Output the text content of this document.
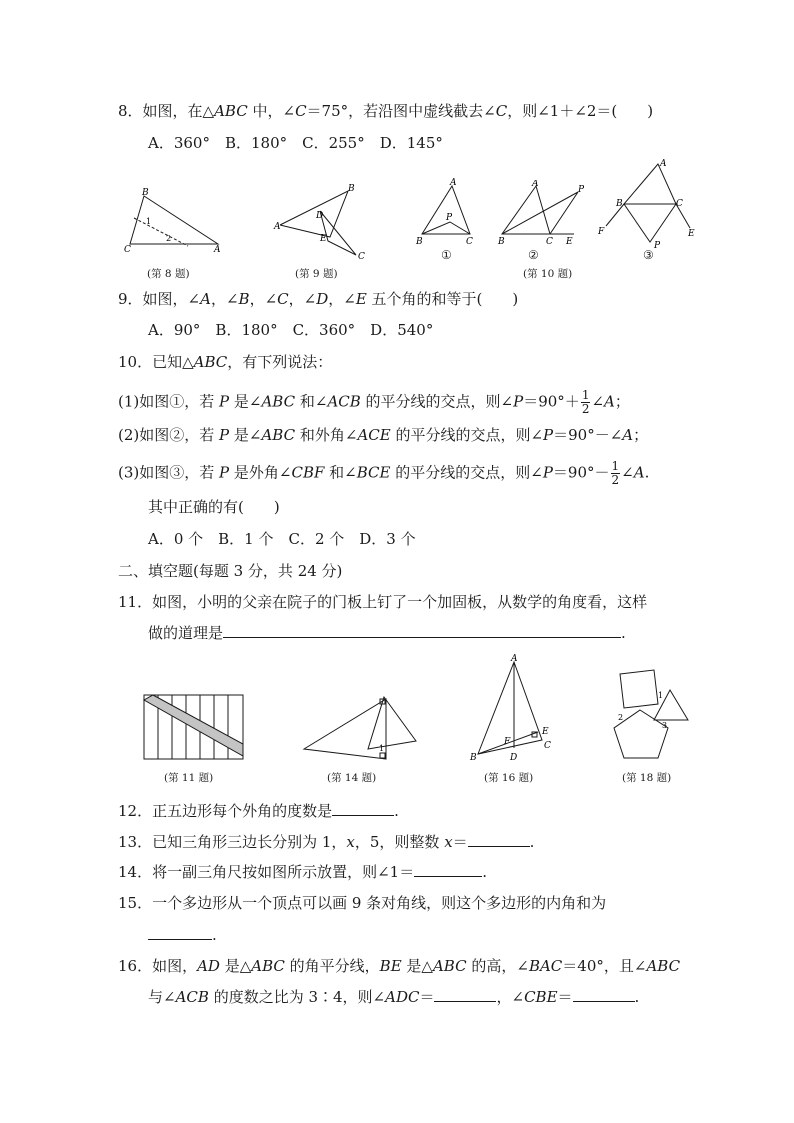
8．如图，在△ABC 中，∠C＝75°，若沿图中虚线截去∠C，则∠1＋∠2＝(　　)
A．360°　B．180°　C．255°　D．145°
B
C	A
1
2
(第 8 题)
A
B
C
D
E
(第 9 题)
A
P
B	C
①
A
P
B	C E
②
(第 10 题)
A
B	C
F	E
P
③
9．如图，∠A，∠B，∠C，∠D，∠E 五个角的和等于(　　)
A．90°　B．180°　C．360°　D．540°
10．已知△ABC，有下列说法：
(1)如图①，若 P 是∠ABC 和∠ACB 的平分线的交点，则∠P＝90°＋ $\frac{1}{2}$ ∠A；
(2)如图②，若 P 是∠ABC 和外角∠ACE 的平分线的交点，则∠P＝90°－∠A；
(3)如图③，若 P 是外角∠CBF 和∠BCE 的平分线的交点，则∠P＝90°－ $\frac{1}{2}$ ∠A.
其中正确的有(　　)
A．0 个　B．1 个　C．2 个　D．3 个
二、填空题(每题 3 分，共 24 分)
11．如图，小明的父亲在院子的门板上钉了一个加固板，从数学的角度看，这样
做的道理是	.
(第 11 题)
1
(第 14 题)
A
B
C
D
E
F
(第 16 题)
1
2
3
(第 18 题)
12．正五边形每个外角的度数是	.
13．已知三角形三边长分别为 1，x，5，则整数 x＝	.
14．将一副三角尺按如图所示放置，则∠1＝	.
15．一个多边形从一个顶点可以画 9 条对角线，则这个多边形的内角和为
.
16．如图，AD 是△ABC 的角平分线，BE 是△ABC 的高，∠BAC＝40°，且∠ABC
与∠ACB 的度数之比为 3∶4，则∠ADC＝	，∠CBE＝	.
